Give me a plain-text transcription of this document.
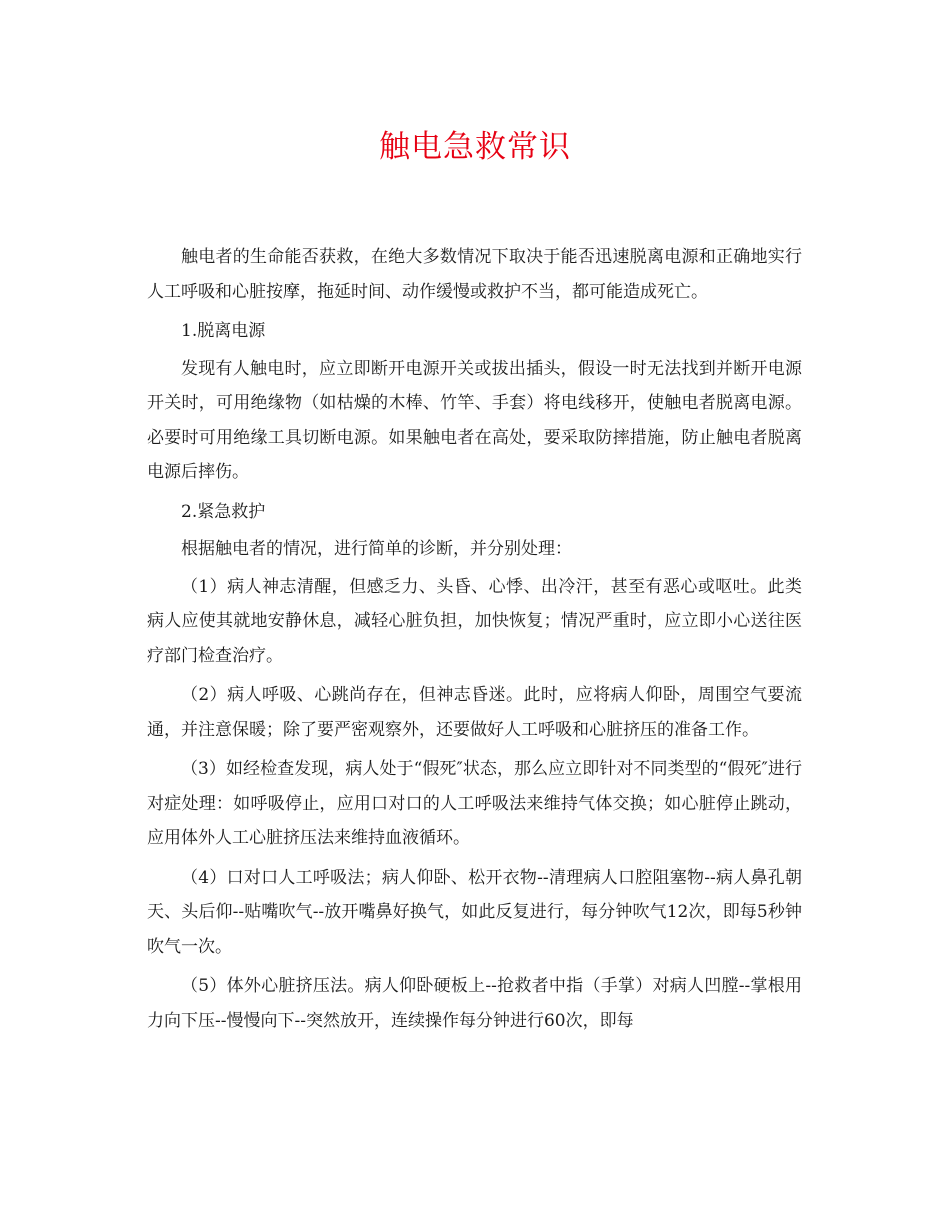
触电急救常识

触电者的生命能否获救，在绝大多数情况下取决于能否迅速脱离电源和正确地实行人工呼吸和心脏按摩，拖延时间、动作缓慢或救护不当，都可能造成死亡。

1.脱离电源

发现有人触电时，应立即断开电源开关或拔出插头，假设一时无法找到并断开电源开关时，可用绝缘物（如枯燥的木棒、竹竿、手套）将电线移开，使触电者脱离电源。必要时可用绝缘工具切断电源。如果触电者在高处，要采取防摔措施，防止触电者脱离电源后摔伤。

2.紧急救护

根据触电者的情况，进行简单的诊断，并分别处理：

（1）病人神志清醒，但感乏力、头昏、心悸、出冷汗，甚至有恶心或呕吐。此类病人应使其就地安静休息，减轻心脏负担，加快恢复；情况严重时，应立即小心送往医疗部门检查治疗。

（2）病人呼吸、心跳尚存在，但神志昏迷。此时，应将病人仰卧，周围空气要流通，并注意保暖；除了要严密观察外，还要做好人工呼吸和心脏挤压的准备工作。

（3）如经检查发现，病人处于“假死″状态，那么应立即针对不同类型的“假死″进行对症处理：如呼吸停止，应用口对口的人工呼吸法来维持气体交换；如心脏停止跳动，应用体外人工心脏挤压法来维持血液循环。

（4）口对口人工呼吸法；病人仰卧、松开衣物--清理病人口腔阻塞物--病人鼻孔朝天、头后仰--贴嘴吹气--放开嘴鼻好换气，如此反复进行，每分钟吹气12次，即每5秒钟吹气一次。

（5）体外心脏挤压法。病人仰卧硬板上--抢救者中指（手掌）对病人凹膛--掌根用力向下压--慢慢向下--突然放开，连续操作每分钟进行60次，即每
